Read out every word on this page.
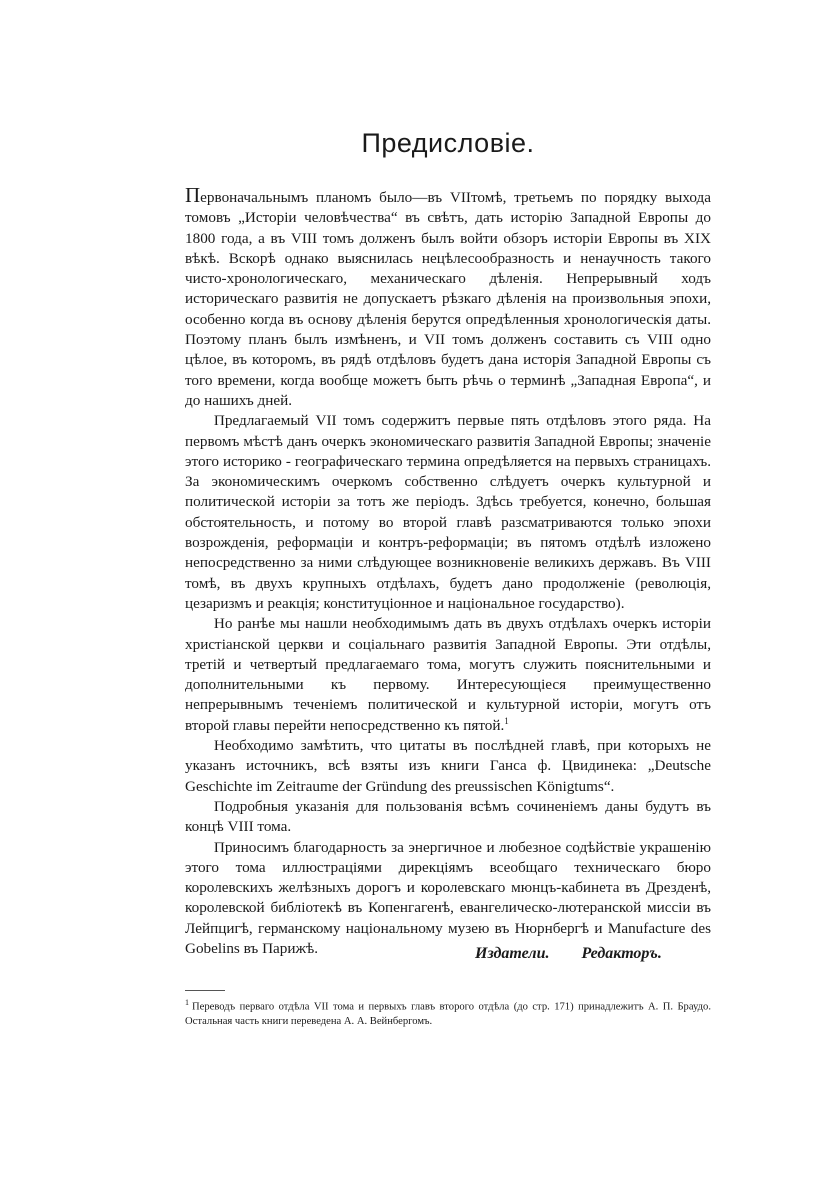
Предисловіе.

Первоначальнымъ планомъ было—въ VIIтомѣ, третьемъ по порядку выхода томовъ „Исторіи человѣчества“ въ свѣтъ, дать исторію Западной Европы до 1800 года, а въ VIII томъ долженъ былъ войти обзоръ исторіи Европы въ XIX вѣкѣ. Вскорѣ однако выяснилась нецѣлесообразность и ненаучность такого чисто-хронологическаго, механическаго дѣленія. Непрерывный ходъ историческаго развитія не допускаетъ рѣзкаго дѣленія на произвольныя эпохи, особенно когда въ основу дѣленія берутся опредѣленныя хронологическія даты. Поэтому планъ былъ измѣненъ, и VII томъ долженъ составить съ VIII одно цѣлое, въ которомъ, въ рядѣ отдѣловъ будетъ дана исторія Западной Европы съ того времени, когда вообще можетъ быть рѣчь о терминѣ „Западная Европа“, и до нашихъ дней.

Предлагаемый VII томъ содержитъ первые пять отдѣловъ этого ряда. На первомъ мѣстѣ данъ очеркъ экономическаго развитія Западной Европы; значеніе этого историко - географическаго термина опредѣляется на первыхъ страницахъ. За экономическимъ очеркомъ собственно слѣдуетъ очеркъ культурной и политической исторіи за тотъ же періодъ. Здѣсь требуется, конечно, большая обстоятельность, и потому во второй главѣ разсматриваются только эпохи возрожденія, реформаціи и контръ-реформаціи; въ пятомъ отдѣлѣ изложено непосредственно за ними слѣдующее возникновеніе великихъ державъ. Въ VIII томѣ, въ двухъ крупныхъ отдѣлахъ, будетъ дано продолженіе (революція, цезаризмъ и реакція; конституціонное и національное государство).

Но ранѣе мы нашли необходимымъ дать въ двухъ отдѣлахъ очеркъ исторіи христіанской церкви и соціальнаго развитія Западной Европы. Эти отдѣлы, третій и четвертый предлагаемаго тома, могутъ служить пояснительными и дополнительными къ первому. Интересующіеся преимущественно непрерывнымъ теченіемъ политической и культурной исторіи, могутъ отъ второй главы перейти непосредственно къ пятой.$^1$

Необходимо замѣтить, что цитаты въ послѣдней главѣ, при которыхъ не указанъ источникъ, всѣ взяты изъ книги Ганса ф. Цвидинека: „Deutsche Geschichte im Zeitraume der Gründung des preussischen Königtums“.

Подробныя указанія для пользованія всѣмъ сочиненіемъ даны будутъ въ концѣ VIII тома.

Приносимъ благодарность за энергичное и любезное содѣйствіе украшенію этого тома иллюстраціями дирекціямъ всеобщаго техническаго бюро королевскихъ желѣзныхъ дорогъ и королевскаго мюнцъ-кабинета въ Дрезденѣ, королевской библіотекѣ въ Копенгагенѣ, евангелическо-лютеранской миссіи въ Лейпцигѣ, германскому національному музею въ Нюрнбергѣ и Manufacture des Gobelins въ Парижѣ.	Издатели. Редакторъ.
$^1$ Переводъ перваго отдѣла VII тома и первыхъ главъ второго отдѣла (до стр. 171) принадлежитъ А. П. Браудо. Остальная часть книги переведена А. А. Вейнбергомъ.
